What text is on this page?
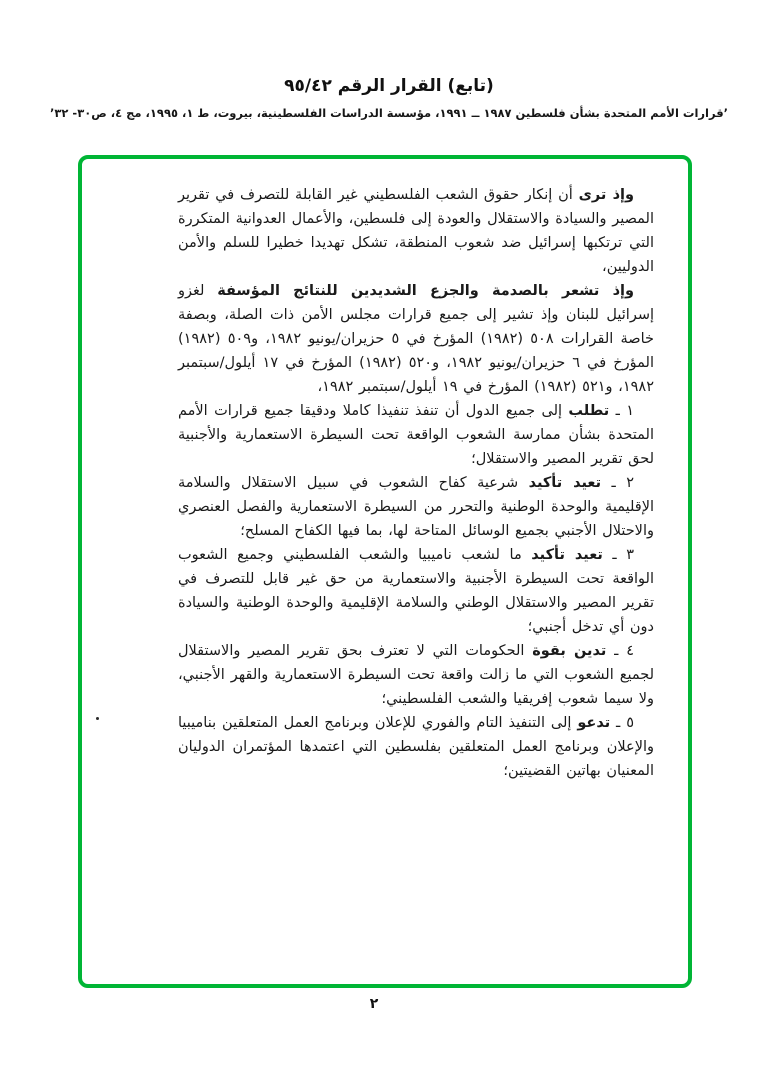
(تابع) القرار الرقم ٩٥/٤٢
’قرارات الأمم المتحدة بشأن فلسطين ١٩٨٧ ــ ١٩٩١، مؤسسة الدراسات الفلسطينية، بيروت، ط ١، ١٩٩٥، مج ٤، ص٣٠- ٣٢’

وإذ ترى أن إنكار حقوق الشعب الفلسطيني غير القابلة للتصرف في تقرير المصير والسيادة والاستقلال والعودة إلى فلسطين، والأعمال العدوانية المتكررة التي ترتكبها إسرائيل ضد شعوب المنطقة، تشكل تهديدا خطيرا للسلم والأمن الدوليين،

وإذ تشعر بالصدمة والجزع الشديدين للنتائج المؤسفة لغزو إسرائيل للبنان وإذ تشير إلى جميع قرارات مجلس الأمن ذات الصلة، وبصفة خاصة القرارات ٥٠٨ (١٩٨٢) المؤرخ في ٥ حزيران/يونيو ١٩٨٢، و٥٠٩ (١٩٨٢) المؤرخ في ٦ حزيران/يونيو ١٩٨٢، و٥٢٠ (١٩٨٢) المؤرخ في ١٧ أيلول/سبتمبر ١٩٨٢، و٥٢١ (١٩٨٢) المؤرخ في ١٩ أيلول/سبتمبر ١٩٨٢،

١ ـ تطلب إلى جميع الدول أن تنفذ تنفيذا كاملا ودقيقا جميع قرارات الأمم المتحدة بشأن ممارسة الشعوب الواقعة تحت السيطرة الاستعمارية والأجنبية لحق تقرير المصير والاستقلال؛

٢ ـ تعيد تأكيد شرعية كفاح الشعوب في سبيل الاستقلال والسلامة الإقليمية والوحدة الوطنية والتحرر من السيطرة الاستعمارية والفصل العنصري والاحتلال الأجنبي بجميع الوسائل المتاحة لها، بما فيها الكفاح المسلح؛

٣ ـ تعيد تأكيد ما لشعب ناميبيا والشعب الفلسطيني وجميع الشعوب الواقعة تحت السيطرة الأجنبية والاستعمارية من حق غير قابل للتصرف في تقرير المصير والاستقلال الوطني والسلامة الإقليمية والوحدة الوطنية والسيادة دون أي تدخل أجنبي؛

٤ ـ تدين بقوة الحكومات التي لا تعترف بحق تقرير المصير والاستقلال لجميع الشعوب التي ما زالت واقعة تحت السيطرة الاستعمارية والقهر الأجنبي، ولا سيما شعوب إفريقيا والشعب الفلسطيني؛

٥ ـ تدعو إلى التنفيذ التام والفوري للإعلان وبرنامج العمل المتعلقين بناميبيا والإعلان وبرنامج العمل المتعلقين بفلسطين التي اعتمدها المؤتمران الدوليان المعنيان بهاتين القضيتين؛

٢
